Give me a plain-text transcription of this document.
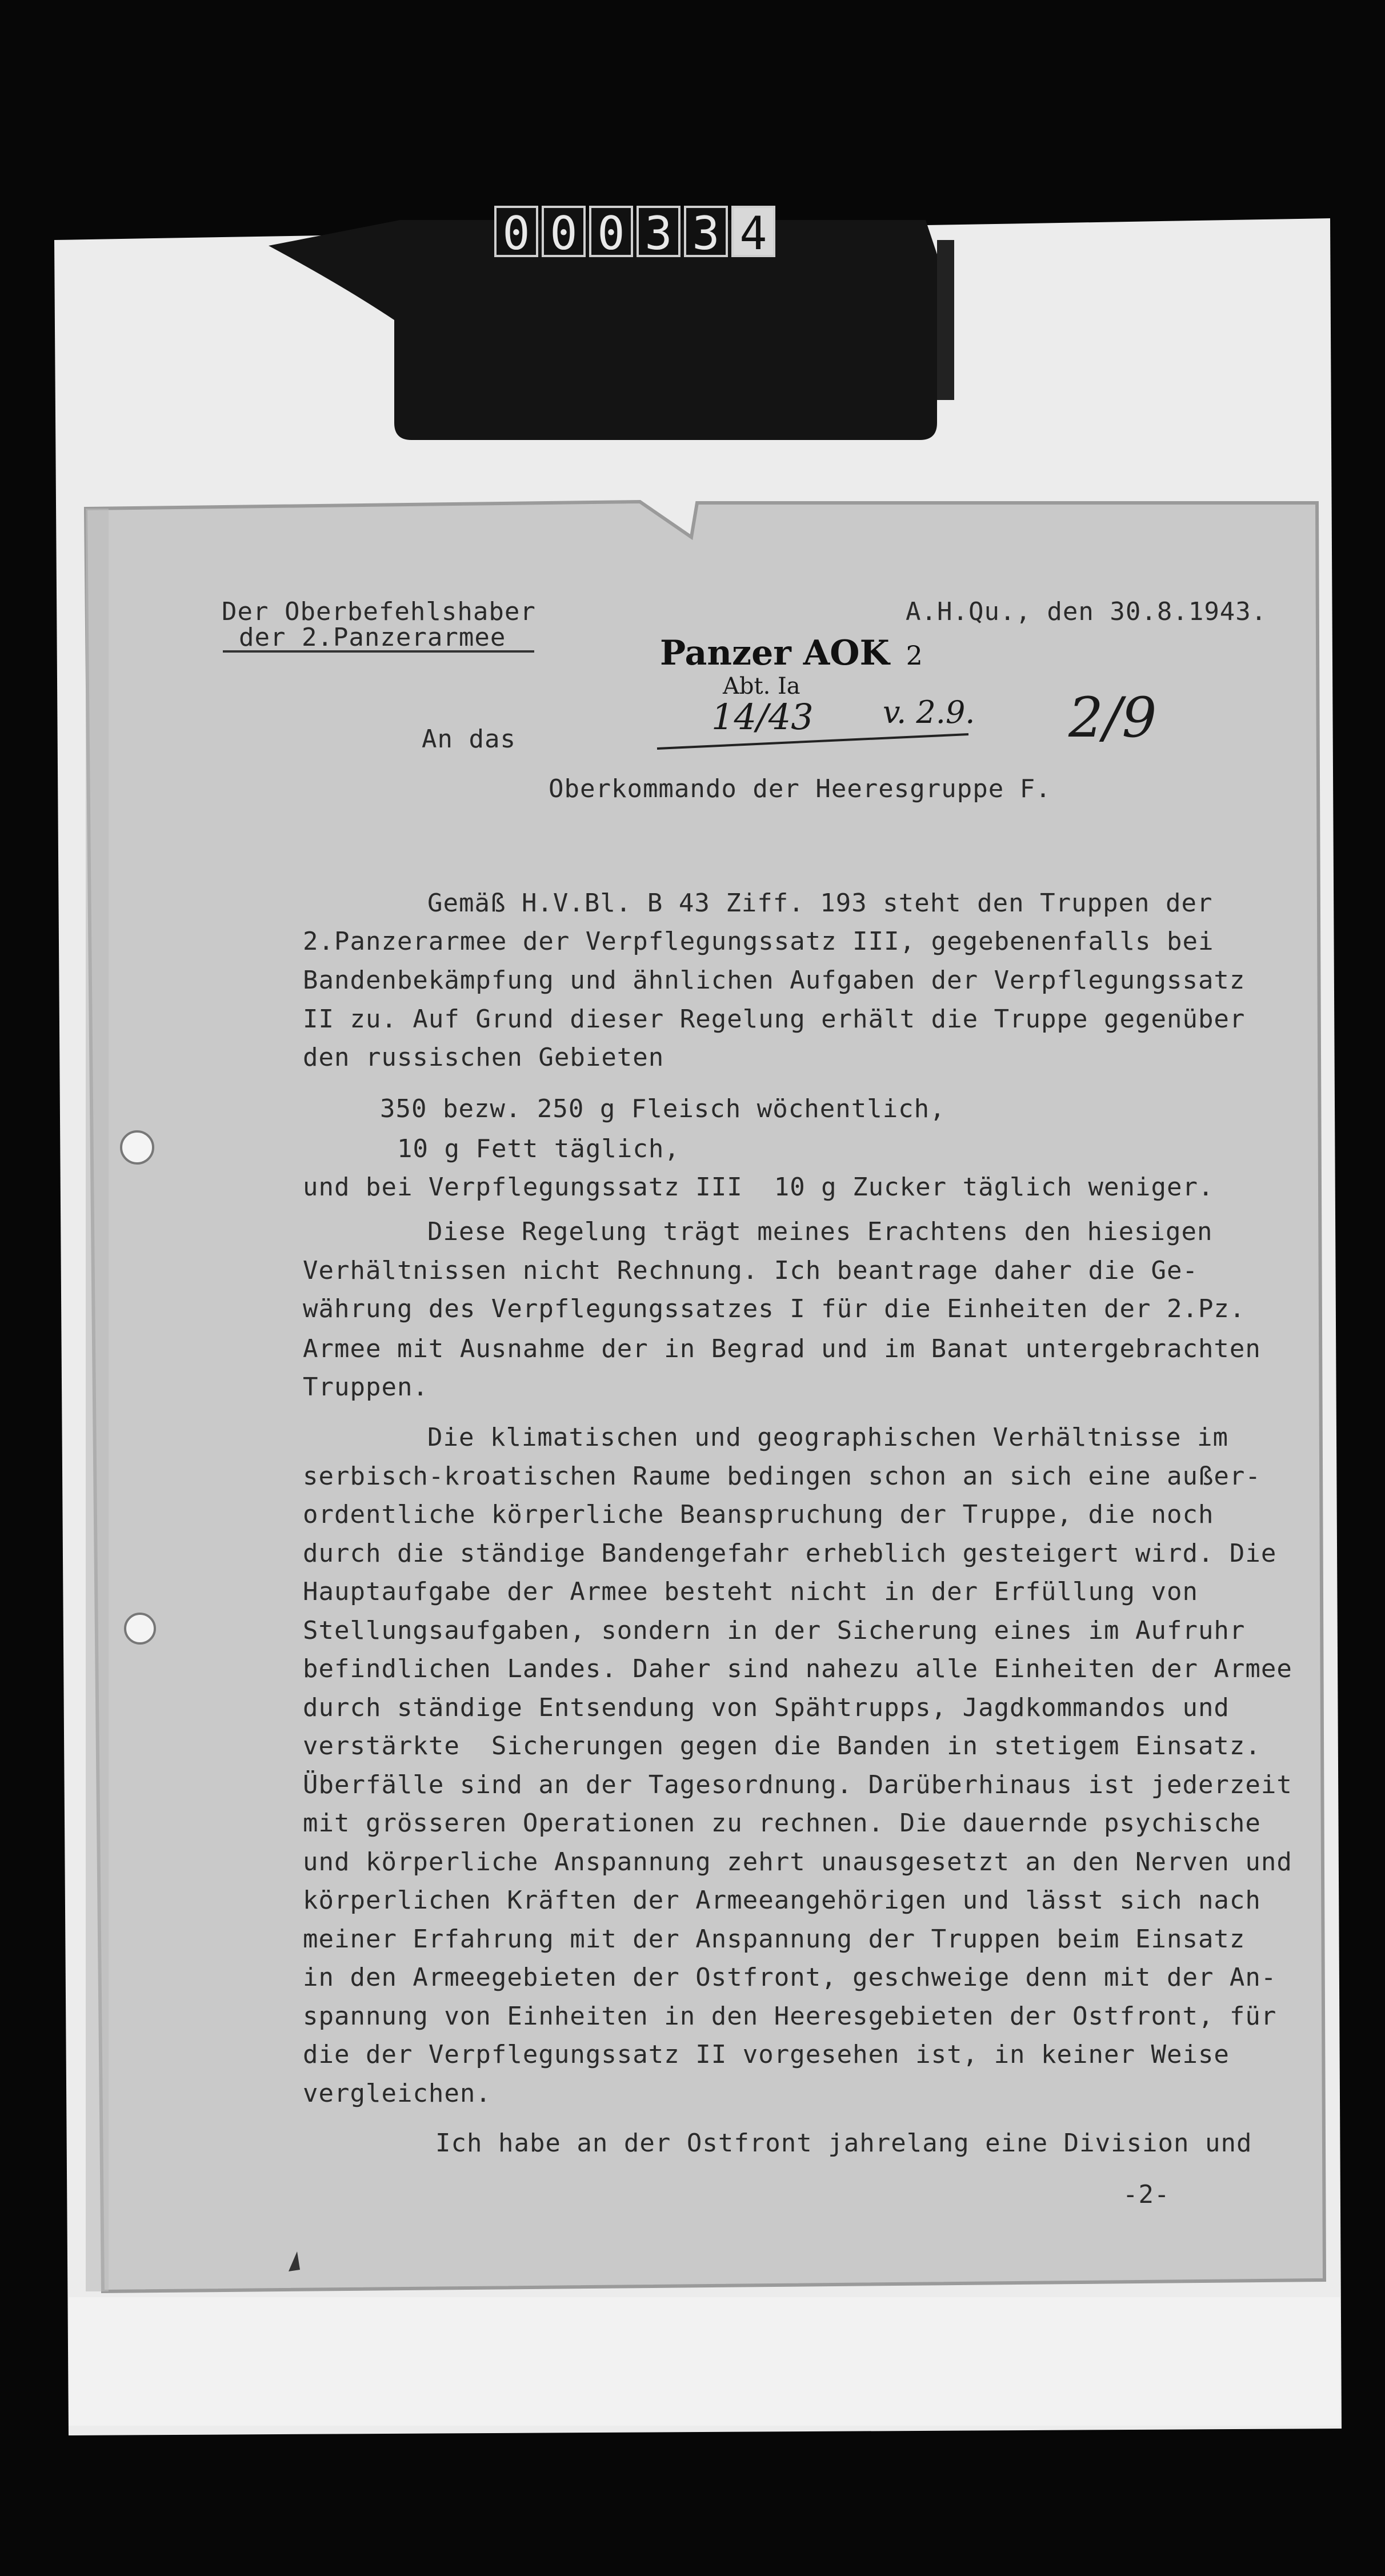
0 0 0 3 3 4
Der Oberbefehlshaber
der 2.Panzerarmee
A.H.Qu., den 30.8.1943.
Panzer AOK 2
Abt. Ia
14/43 v. 2.9. 2/9
An das
Oberkommando der Heeresgruppe F.
Gemäß H.V.Bl. B 43 Ziff. 193 steht den Truppen der
2.Panzerarmee der Verpflegungssatz III, gegebenenfalls bei
Bandenbekämpfung und ähnlichen Aufgaben der Verpflegungssatz
II zu. Auf Grund dieser Regelung erhält die Truppe gegenüber
den russischen Gebieten
350 bezw. 250 g Fleisch wöchentlich,
10 g Fett täglich,
und bei Verpflegungssatz III  10 g Zucker täglich weniger.
Diese Regelung trägt meines Erachtens den hiesigen
Verhältnissen nicht Rechnung. Ich beantrage daher die Ge-
währung des Verpflegungssatzes I für die Einheiten der 2.Pz.
Armee mit Ausnahme der in Begrad und im Banat untergebrachten
Truppen.
Die klimatischen und geographischen Verhältnisse im
serbisch-kroatischen Raume bedingen schon an sich eine außer-
ordentliche körperliche Beanspruchung der Truppe, die noch
durch die ständige Bandengefahr erheblich gesteigert wird. Die
Hauptaufgabe der Armee besteht nicht in der Erfüllung von
Stellungsaufgaben, sondern in der Sicherung eines im Aufruhr
befindlichen Landes. Daher sind nahezu alle Einheiten der Armee
durch ständige Entsendung von Spähtrupps, Jagdkommandos und
verstärkte  Sicherungen gegen die Banden in stetigem Einsatz.
Überfälle sind an der Tagesordnung. Darüberhinaus ist jederzeit
mit grösseren Operationen zu rechnen. Die dauernde psychische
und körperliche Anspannung zehrt unausgesetzt an den Nerven und
körperlichen Kräften der Armeeangehörigen und lässt sich nach
meiner Erfahrung mit der Anspannung der Truppen beim Einsatz
in den Armeegebieten der Ostfront, geschweige denn mit der An-
spannung von Einheiten in den Heeresgebieten der Ostfront, für
die der Verpflegungssatz II vorgesehen ist, in keiner Weise
vergleichen.
Ich habe an der Ostfront jahrelang eine Division und
-2-
